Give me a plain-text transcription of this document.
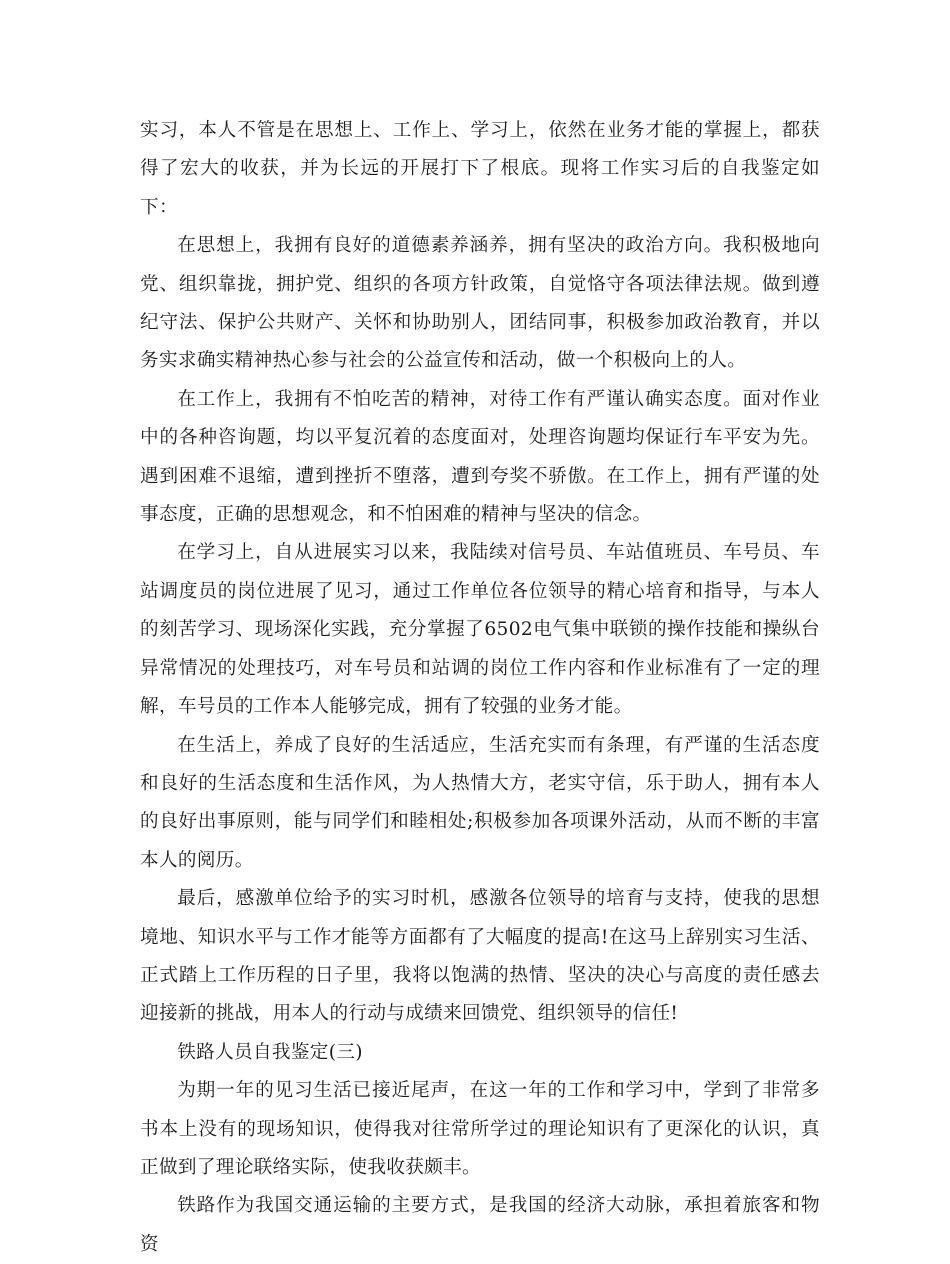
实习，本人不管是在思想上、工作上、学习上，依然在业务才能的掌握上，都获得了宏大的收获，并为长远的开展打下了根底。现将工作实习后的自我鉴定如下：

在思想上，我拥有良好的道德素养涵养，拥有坚决的政治方向。我积极地向党、组织靠拢，拥护党、组织的各项方针政策，自觉恪守各项法律法规。做到遵纪守法、保护公共财产、关怀和协助别人，团结同事，积极参加政治教育，并以务实求确实精神热心参与社会的公益宣传和活动，做一个积极向上的人。

在工作上，我拥有不怕吃苦的精神，对待工作有严谨认确实态度。面对作业中的各种咨询题，均以平复沉着的态度面对，处理咨询题均保证行车平安为先。遇到困难不退缩，遭到挫折不堕落，遭到夸奖不骄傲。在工作上，拥有严谨的处事态度，正确的思想观念，和不怕困难的精神与坚决的信念。

在学习上，自从进展实习以来，我陆续对信号员、车站值班员、车号员、车站调度员的岗位进展了见习，通过工作单位各位领导的精心培育和指导，与本人的刻苦学习、现场深化实践，充分掌握了6502电气集中联锁的操作技能和操纵台异常情况的处理技巧，对车号员和站调的岗位工作内容和作业标准有了一定的理解，车号员的工作本人能够完成，拥有了较强的业务才能。

在生活上，养成了良好的生活适应，生活充实而有条理，有严谨的生活态度和良好的生活态度和生活作风，为人热情大方，老实守信，乐于助人，拥有本人的良好出事原则，能与同学们和睦相处;积极参加各项课外活动，从而不断的丰富本人的阅历。

最后，感激单位给予的实习时机，感激各位领导的培育与支持，使我的思想境地、知识水平与工作才能等方面都有了大幅度的提高!在这马上辞别实习生活、正式踏上工作历程的日子里，我将以饱满的热情、坚决的决心与高度的责任感去迎接新的挑战，用本人的行动与成绩来回馈党、组织领导的信任!

铁路人员自我鉴定(三)

为期一年的见习生活已接近尾声，在这一年的工作和学习中，学到了非常多书本上没有的现场知识，使得我对往常所学过的理论知识有了更深化的认识，真正做到了理论联络实际，使我收获颇丰。

铁路作为我国交通运输的主要方式，是我国的经济大动脉，承担着旅客和物资
